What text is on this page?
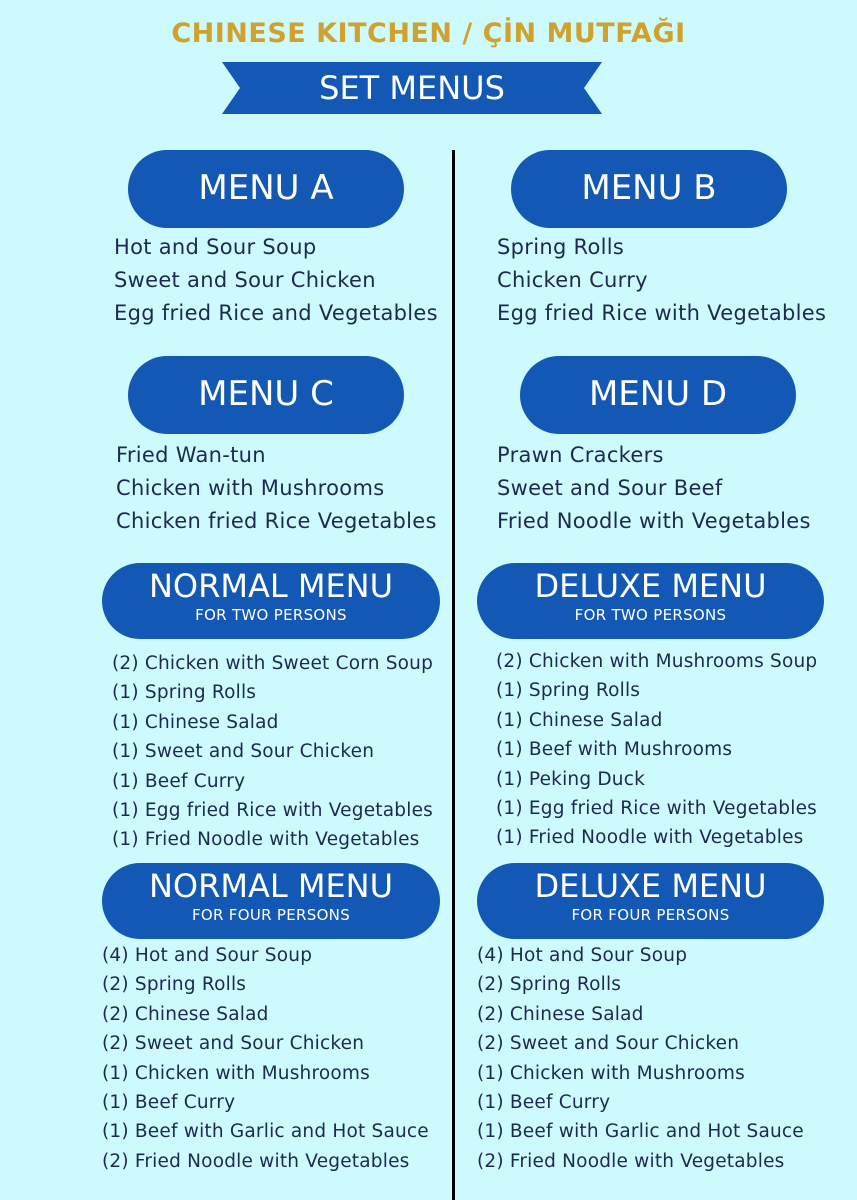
CHINESE KITCHEN / ÇİN MUTFAĞI
SET MENUS
MENU A
Hot and Sour Soup
Sweet and Sour Chicken
Egg fried Rice and Vegetables
MENU B
Spring Rolls
Chicken Curry
Egg fried Rice with Vegetables
MENU C
Fried Wan-tun
Chicken with Mushrooms
Chicken fried Rice Vegetables
MENU D
Prawn Crackers
Sweet and Sour Beef
Fried Noodle with Vegetables
NORMAL MENU
FOR TWO PERSONS
(2) Chicken with Sweet Corn Soup
(1) Spring Rolls
(1) Chinese Salad
(1) Sweet and Sour Chicken
(1) Beef Curry
(1) Egg fried Rice with Vegetables
(1) Fried Noodle with Vegetables
DELUXE MENU
FOR TWO PERSONS
(2) Chicken with Mushrooms Soup
(1) Spring Rolls
(1) Chinese Salad
(1) Beef with Mushrooms
(1) Peking Duck
(1) Egg fried Rice with Vegetables
(1) Fried Noodle with Vegetables
NORMAL MENU
FOR FOUR PERSONS
(4) Hot and Sour Soup
(2) Spring Rolls
(2) Chinese Salad
(2) Sweet and Sour Chicken
(1) Chicken with Mushrooms
(1) Beef Curry
(1) Beef with Garlic and Hot Sauce
(2) Fried Noodle with Vegetables
DELUXE MENU
FOR FOUR PERSONS
(4) Hot and Sour Soup
(2) Spring Rolls
(2) Chinese Salad
(2) Sweet and Sour Chicken
(1) Chicken with Mushrooms
(1) Beef Curry
(1) Beef with Garlic and Hot Sauce
(2) Fried Noodle with Vegetables
